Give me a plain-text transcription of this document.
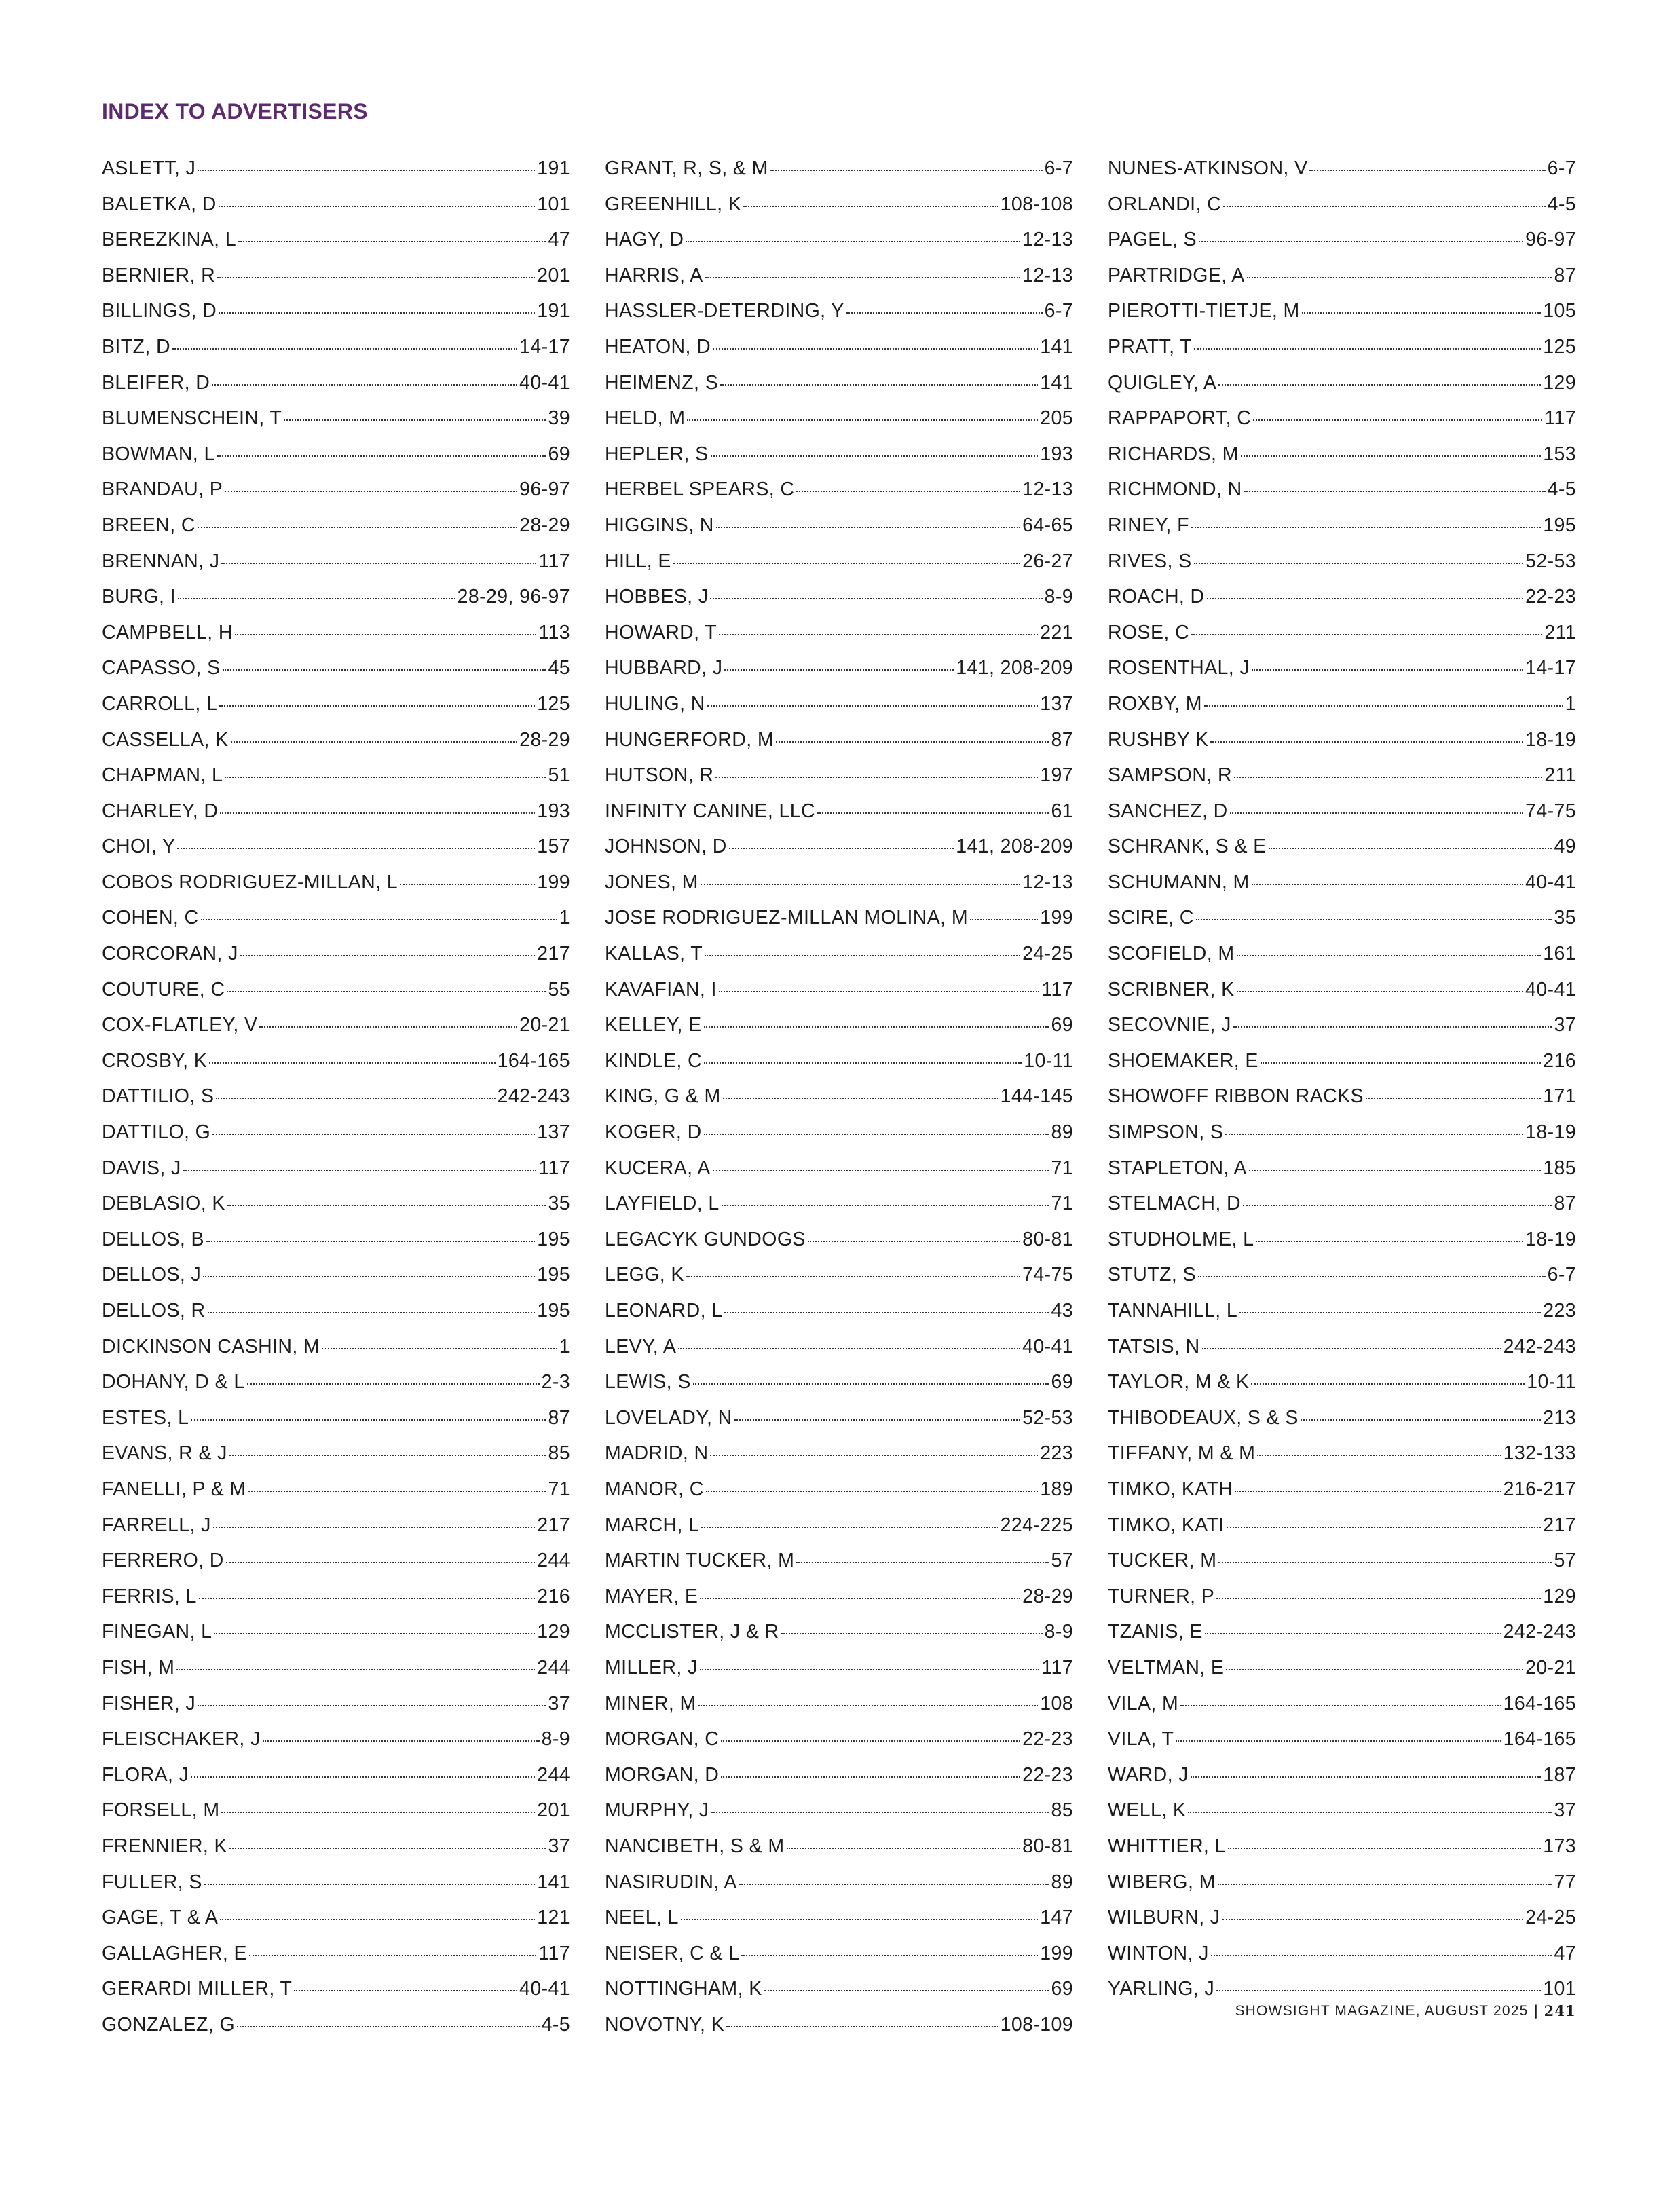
INDEX TO ADVERTISERS
ASLETT, J	191
BALETKA, D	101
BEREZKINA, L	47
BERNIER, R	201
BILLINGS, D	191
BITZ, D	14-17
BLEIFER, D	40-41
BLUMENSCHEIN, T	39
BOWMAN, L	69
BRANDAU, P	96-97
BREEN, C	28-29
BRENNAN, J	117
BURG, I	28-29, 96-97
CAMPBELL, H	113
CAPASSO, S	45
CARROLL, L	125
CASSELLA, K	28-29
CHAPMAN, L	51
CHARLEY, D	193
CHOI, Y	157
COBOS RODRIGUEZ-MILLAN, L	199
COHEN, C	1
CORCORAN, J	217
COUTURE, C	55
COX-FLATLEY, V	20-21
CROSBY, K	164-165
DATTILIO, S	242-243
DATTILO, G	137
DAVIS, J	117
DEBLASIO, K	35
DELLOS, B	195
DELLOS, J	195
DELLOS, R	195
DICKINSON CASHIN, M	1
DOHANY, D & L	2-3
ESTES, L	87
EVANS, R & J	85
FANELLI, P & M	71
FARRELL, J	217
FERRERO, D	244
FERRIS, L	216
FINEGAN, L	129
FISH, M	244
FISHER, J	37
FLEISCHAKER, J	8-9
FLORA, J	244
FORSELL, M	201
FRENNIER, K	37
FULLER, S	141
GAGE, T & A	121
GALLAGHER, E	117
GERARDI MILLER, T	40-41
GONZALEZ, G	4-5
GRANT, R, S, & M	6-7
GREENHILL, K	108-108
HAGY, D	12-13
HARRIS, A	12-13
HASSLER-DETERDING, Y	6-7
HEATON, D	141
HEIMENZ, S	141
HELD, M	205
HEPLER, S	193
HERBEL SPEARS, C	12-13
HIGGINS, N	64-65
HILL, E	26-27
HOBBES, J	8-9
HOWARD, T	221
HUBBARD, J	141, 208-209
HULING, N	137
HUNGERFORD, M	87
HUTSON, R	197
INFINITY CANINE, LLC	61
JOHNSON, D	141, 208-209
JONES, M	12-13
JOSE RODRIGUEZ-MILLAN MOLINA, M	199
KALLAS, T	24-25
KAVAFIAN, I	117
KELLEY, E	69
KINDLE, C	10-11
KING, G & M	144-145
KOGER, D	89
KUCERA, A	71
LAYFIELD, L	71
LEGACYK GUNDOGS	80-81
LEGG, K	74-75
LEONARD, L	43
LEVY, A	40-41
LEWIS, S	69
LOVELADY, N	52-53
MADRID, N	223
MANOR, C	189
MARCH, L	224-225
MARTIN TUCKER, M	57
MAYER, E	28-29
MCCLISTER, J & R	8-9
MILLER, J	117
MINER, M	108
MORGAN, C	22-23
MORGAN, D	22-23
MURPHY, J	85
NANCIBETH, S & M	80-81
NASIRUDIN, A	89
NEEL, L	147
NEISER, C & L	199
NOTTINGHAM, K	69
NOVOTNY, K	108-109
NUNES-ATKINSON, V	6-7
ORLANDI, C	4-5
PAGEL, S	96-97
PARTRIDGE, A	87
PIEROTTI-TIETJE, M	105
PRATT, T	125
QUIGLEY, A	129
RAPPAPORT, C	117
RICHARDS, M	153
RICHMOND, N	4-5
RINEY, F	195
RIVES, S	52-53
ROACH, D	22-23
ROSE, C	211
ROSENTHAL, J	14-17
ROXBY, M	1
RUSHBY K	18-19
SAMPSON, R	211
SANCHEZ, D	74-75
SCHRANK, S & E	49
SCHUMANN, M	40-41
SCIRE, C	35
SCOFIELD, M	161
SCRIBNER, K	40-41
SECOVNIE, J	37
SHOEMAKER, E	216
SHOWOFF RIBBON RACKS	171
SIMPSON, S	18-19
STAPLETON, A	185
STELMACH, D	87
STUDHOLME, L	18-19
STUTZ, S	6-7
TANNAHILL, L	223
TATSIS, N	242-243
TAYLOR, M & K	10-11
THIBODEAUX, S & S	213
TIFFANY, M & M	132-133
TIMKO, KATH	216-217
TIMKO, KATI	217
TUCKER, M	57
TURNER, P	129
TZANIS, E	242-243
VELTMAN, E	20-21
VILA, M	164-165
VILA, T	164-165
WARD, J	187
WELL, K	37
WHITTIER, L	173
WIBERG, M	77
WILBURN, J	24-25
WINTON, J	47
YARLING, J	101
SHOWSIGHT MAGAZINE, AUGUST 2025 | 241
